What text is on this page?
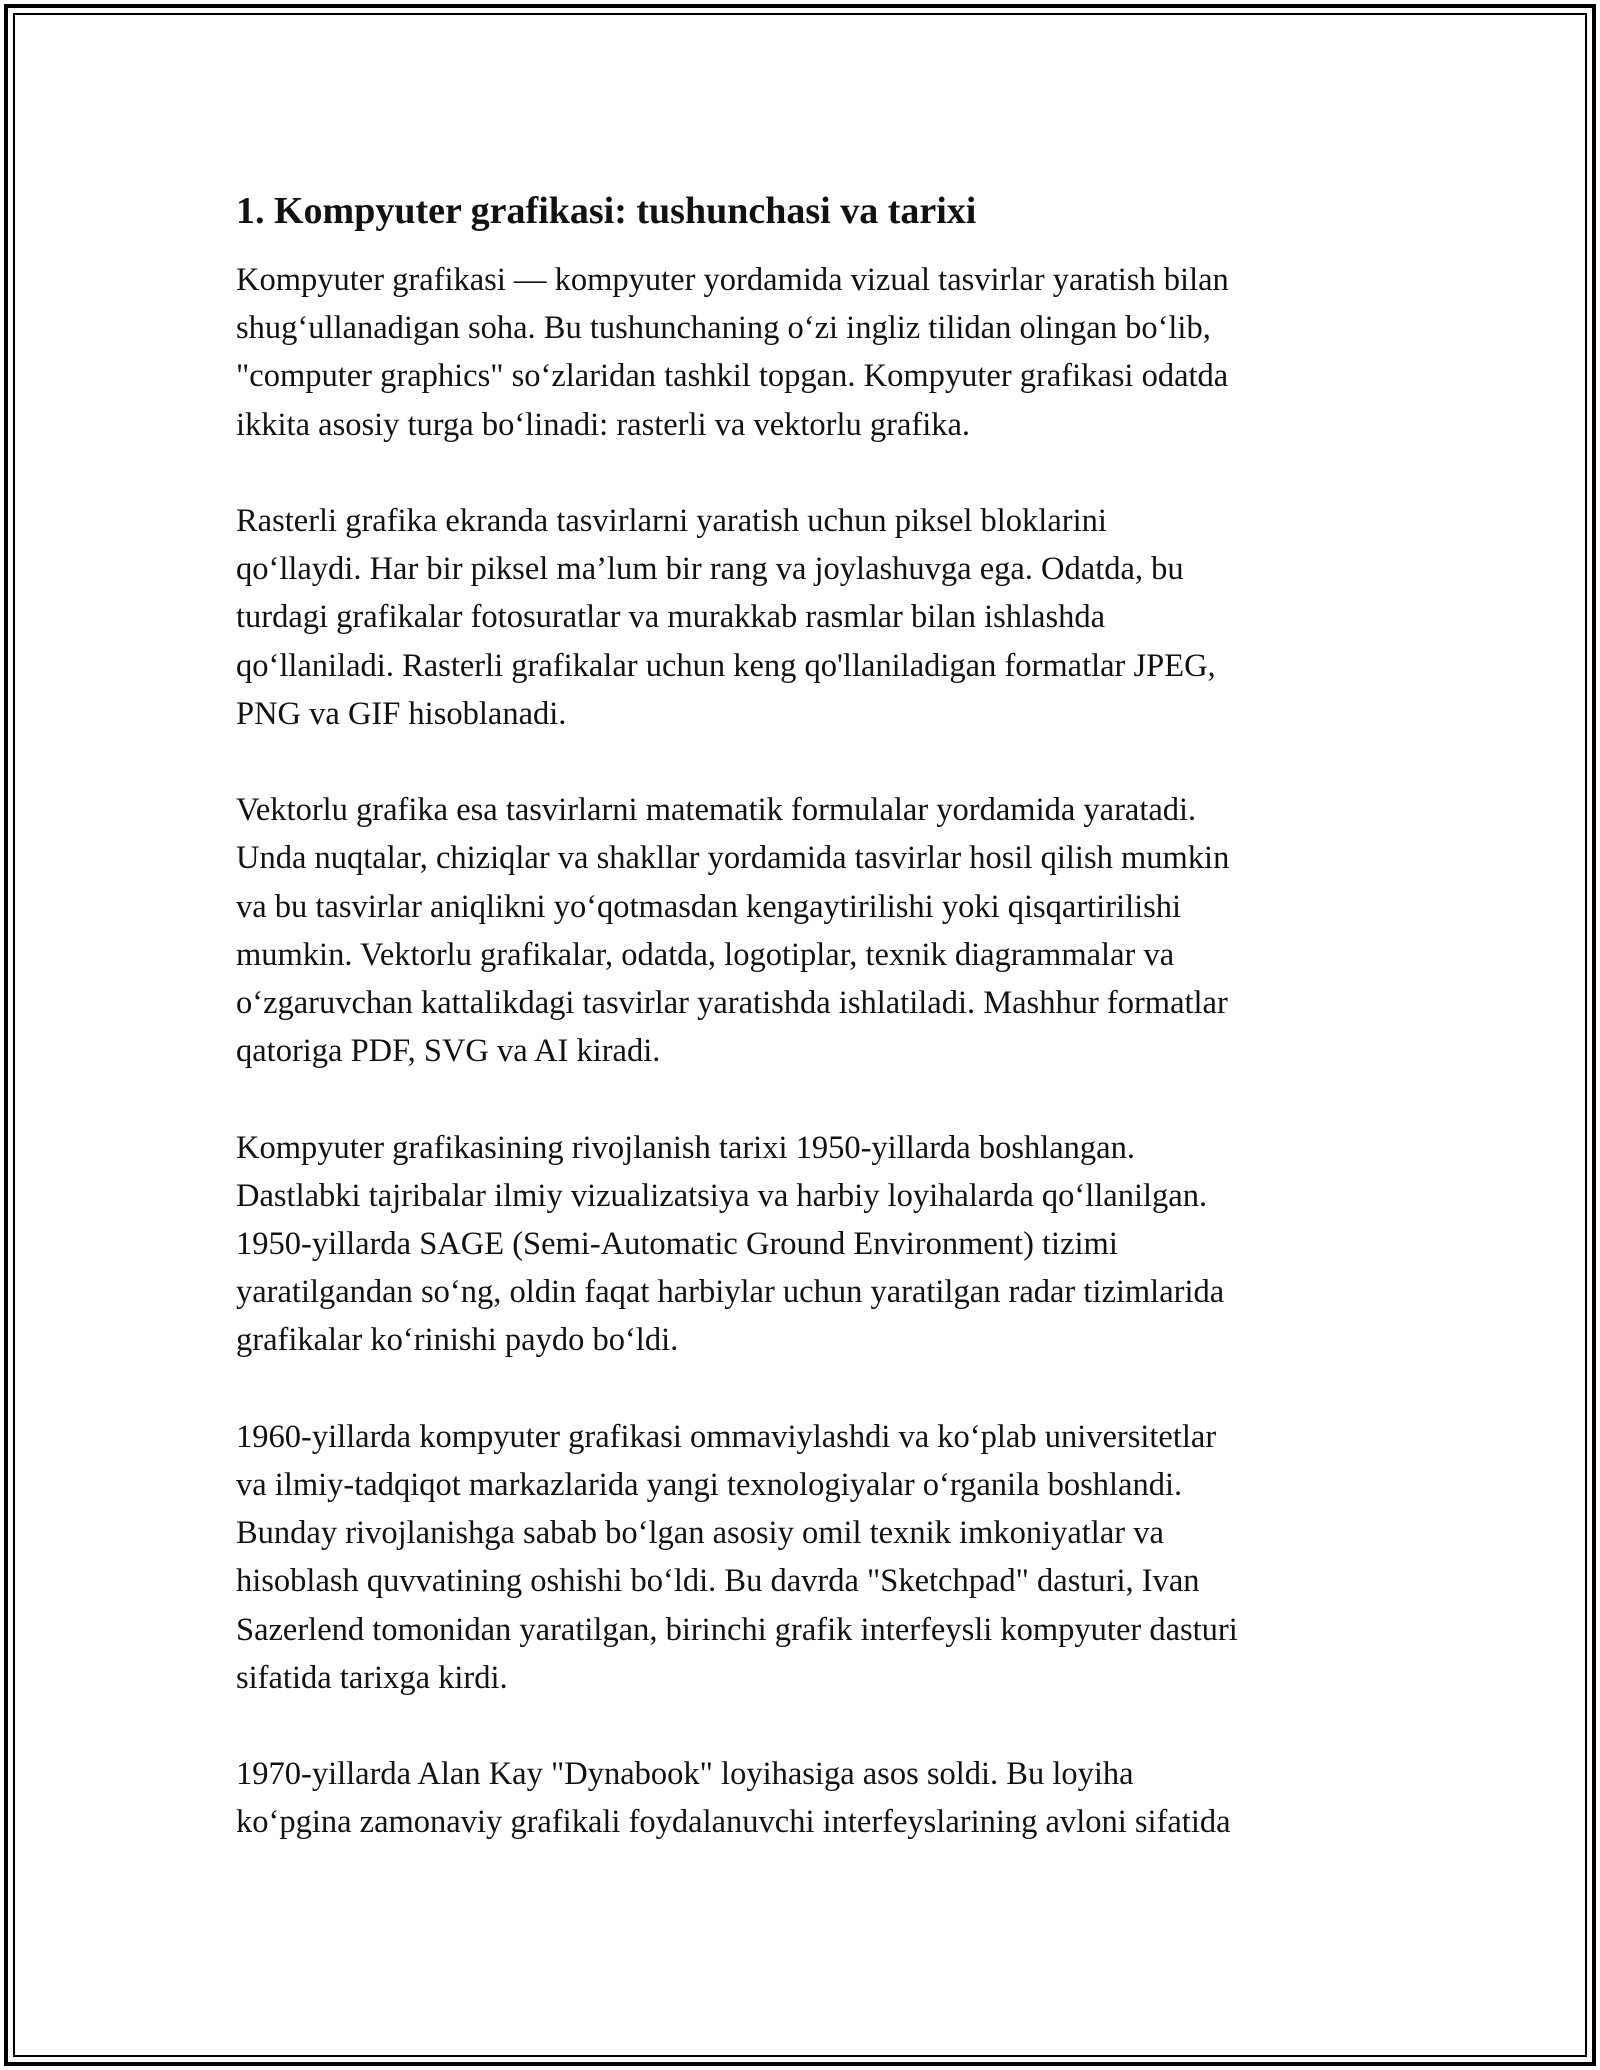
1. Kompyuter grafikasi: tushunchasi va tarixi

Kompyuter grafikasi — kompyuter yordamida vizual tasvirlar yaratish bilan
shug‘ullanadigan soha. Bu tushunchaning o‘zi ingliz tilidan olingan bo‘lib,
"computer graphics" so‘zlaridan tashkil topgan. Kompyuter grafikasi odatda
ikkita asosiy turga bo‘linadi: rasterli va vektorlu grafika.

Rasterli grafika ekranda tasvirlarni yaratish uchun piksel bloklarini
qo‘llaydi. Har bir piksel ma’lum bir rang va joylashuvga ega. Odatda, bu
turdagi grafikalar fotosuratlar va murakkab rasmlar bilan ishlashda
qo‘llaniladi. Rasterli grafikalar uchun keng qo'llaniladigan formatlar JPEG,
PNG va GIF hisoblanadi.

Vektorlu grafika esa tasvirlarni matematik formulalar yordamida yaratadi.
Unda nuqtalar, chiziqlar va shakllar yordamida tasvirlar hosil qilish mumkin
va bu tasvirlar aniqlikni yo‘qotmasdan kengaytirilishi yoki qisqartirilishi
mumkin. Vektorlu grafikalar, odatda, logotiplar, texnik diagrammalar va
o‘zgaruvchan kattalikdagi tasvirlar yaratishda ishlatiladi. Mashhur formatlar
qatoriga PDF, SVG va AI kiradi.

Kompyuter grafikasining rivojlanish tarixi 1950-yillarda boshlangan.
Dastlabki tajribalar ilmiy vizualizatsiya va harbiy loyihalarda qo‘llanilgan.
1950-yillarda SAGE (Semi-Automatic Ground Environment) tizimi
yaratilgandan so‘ng, oldin faqat harbiylar uchun yaratilgan radar tizimlarida
grafikalar ko‘rinishi paydo bo‘ldi.

1960-yillarda kompyuter grafikasi ommaviylashdi va ko‘plab universitetlar
va ilmiy-tadqiqot markazlarida yangi texnologiyalar o‘rganila boshlandi.
Bunday rivojlanishga sabab bo‘lgan asosiy omil texnik imkoniyatlar va
hisoblash quvvatining oshishi bo‘ldi. Bu davrda "Sketchpad" dasturi, Ivan
Sazerlend tomonidan yaratilgan, birinchi grafik interfeysli kompyuter dasturi
sifatida tarixga kirdi.

1970-yillarda Alan Kay "Dynabook" loyihasiga asos soldi. Bu loyiha
ko‘pgina zamonaviy grafikali foydalanuvchi interfeyslarining avloni sifatida
